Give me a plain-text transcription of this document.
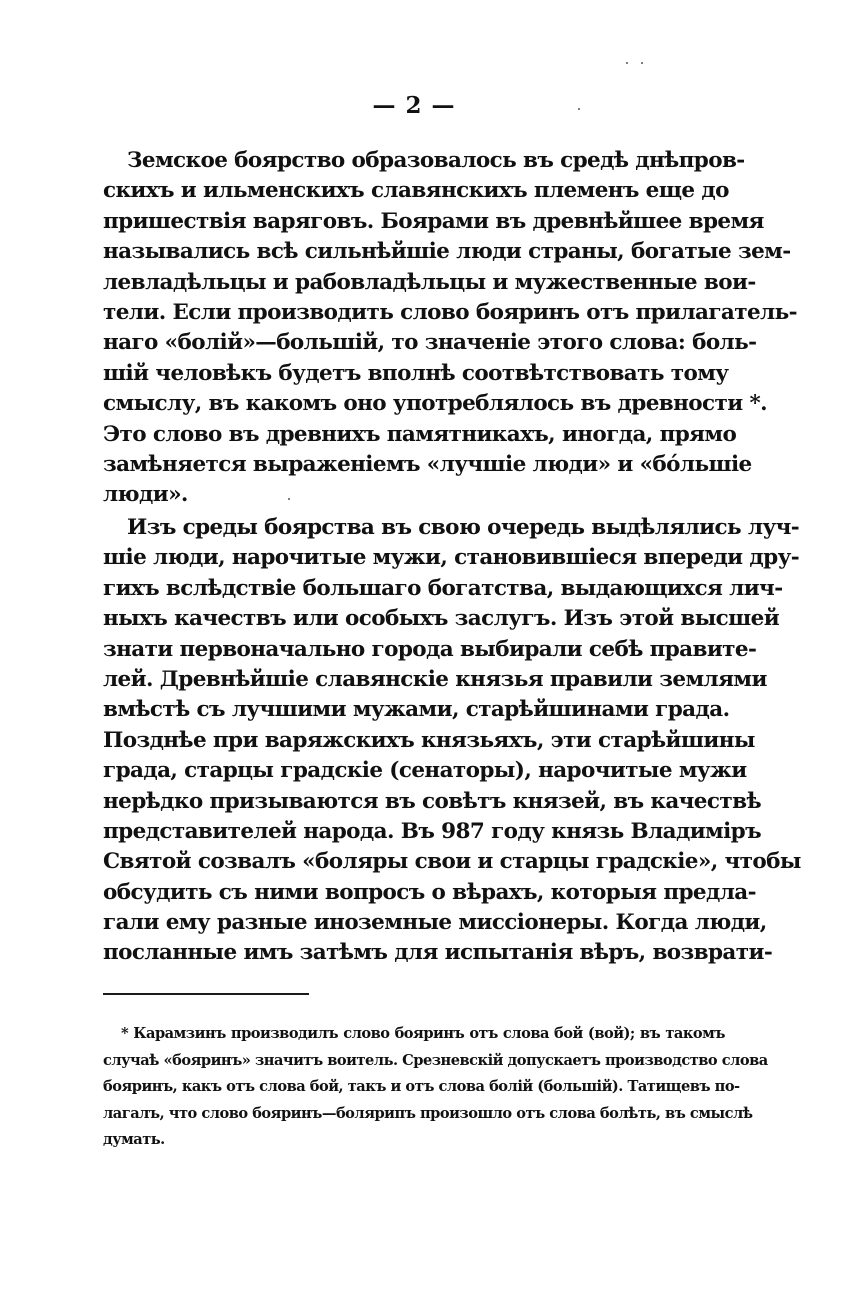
— 2 —
Земское боярство образовалось въ средѣ днѣпров-
скихъ и ильменскихъ славянскихъ племенъ еще до
пришествія варяговъ. Боярами въ древнѣйшее время
назывались всѣ сильнѣйшіе люди страны, богатые зем-
левладѣльцы и рабовладѣльцы и мужественные вои-
тели. Если производить слово бояринъ отъ прилагатель-
наго «болій»—большій, то значеніе этого слова: боль-
шій человѣкъ будетъ вполнѣ соотвѣтствовать тому
смыслу, въ какомъ оно употреблялось въ древности *.
Это слово въ древнихъ памятникахъ, иногда, прямо
замѣняется выраженіемъ «лучшіе люди» и «бóльшіе
люди».
Изъ среды боярства въ свою очередь выдѣлялись луч-
шіе люди, нарочитые мужи, становившіеся впереди дру-
гихъ вслѣдствіе большаго богатства, выдающихся лич-
ныхъ качествъ или особыхъ заслугъ. Изъ этой высшей
знати первоначально города выбирали себѣ правите-
лей. Древнѣйшіе славянскіе князья правили землями
вмѣстѣ съ лучшими мужами, старѣйшинами града.
Позднѣе при варяжскихъ князьяхъ, эти старѣйшины
града, старцы градскіе (сенаторы), нарочитые мужи
нерѣдко призываются въ совѣтъ князей, въ качествѣ
представителей народа. Въ 987 году князь Владиміръ
Святой созвалъ «боляры свои и старцы градскіе», чтобы
обсудить съ ними вопросъ о вѣрахъ, которыя предла-
гали ему разные иноземные миссіонеры. Когда люди,
посланные имъ затѣмъ для испытанія вѣръ, возврати-
* Карамзинъ производилъ слово бояринъ отъ слова бой (вой); въ такомъ
случаѣ «бояринъ» значитъ воитель. Срезневскій допускаетъ производство слова
бояринъ, какъ отъ слова бой, такъ и отъ слова болій (большій). Татищевъ по-
лагалъ, что слово бояринъ—болярипъ произошло отъ слова болѣть, въ смыслѣ
думать.
